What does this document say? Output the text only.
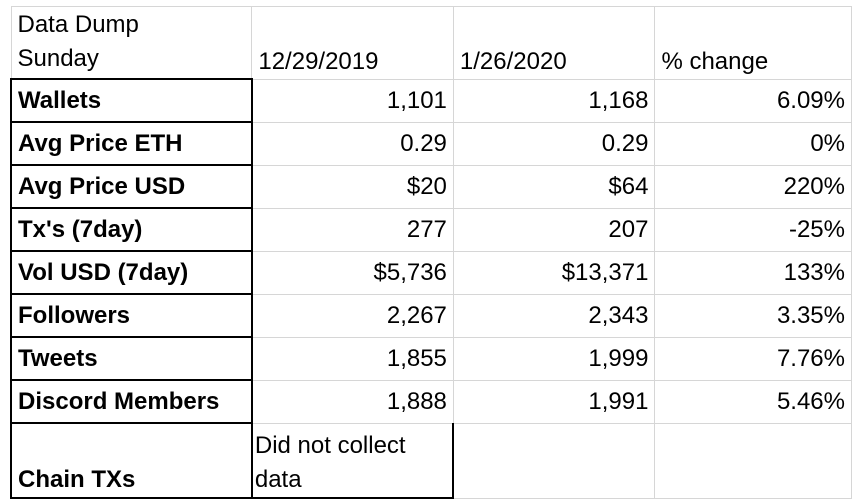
Data Dump
Sunday	12/29/2019	1/26/2020	% change
Wallets	1,101	1,168	6.09%
Avg Price ETH	0.29	0.29	0%
Avg Price USD	$20	$64	220%
Tx's (7day)	277	207	-25%
Vol USD (7day)	$5,736	$13,371	133%
Followers	2,267	2,343	3.35%
Tweets	1,855	1,999	7.76%
Discord Members	1,888	1,991	5.46%
Chain TXs	Did not collect data		
